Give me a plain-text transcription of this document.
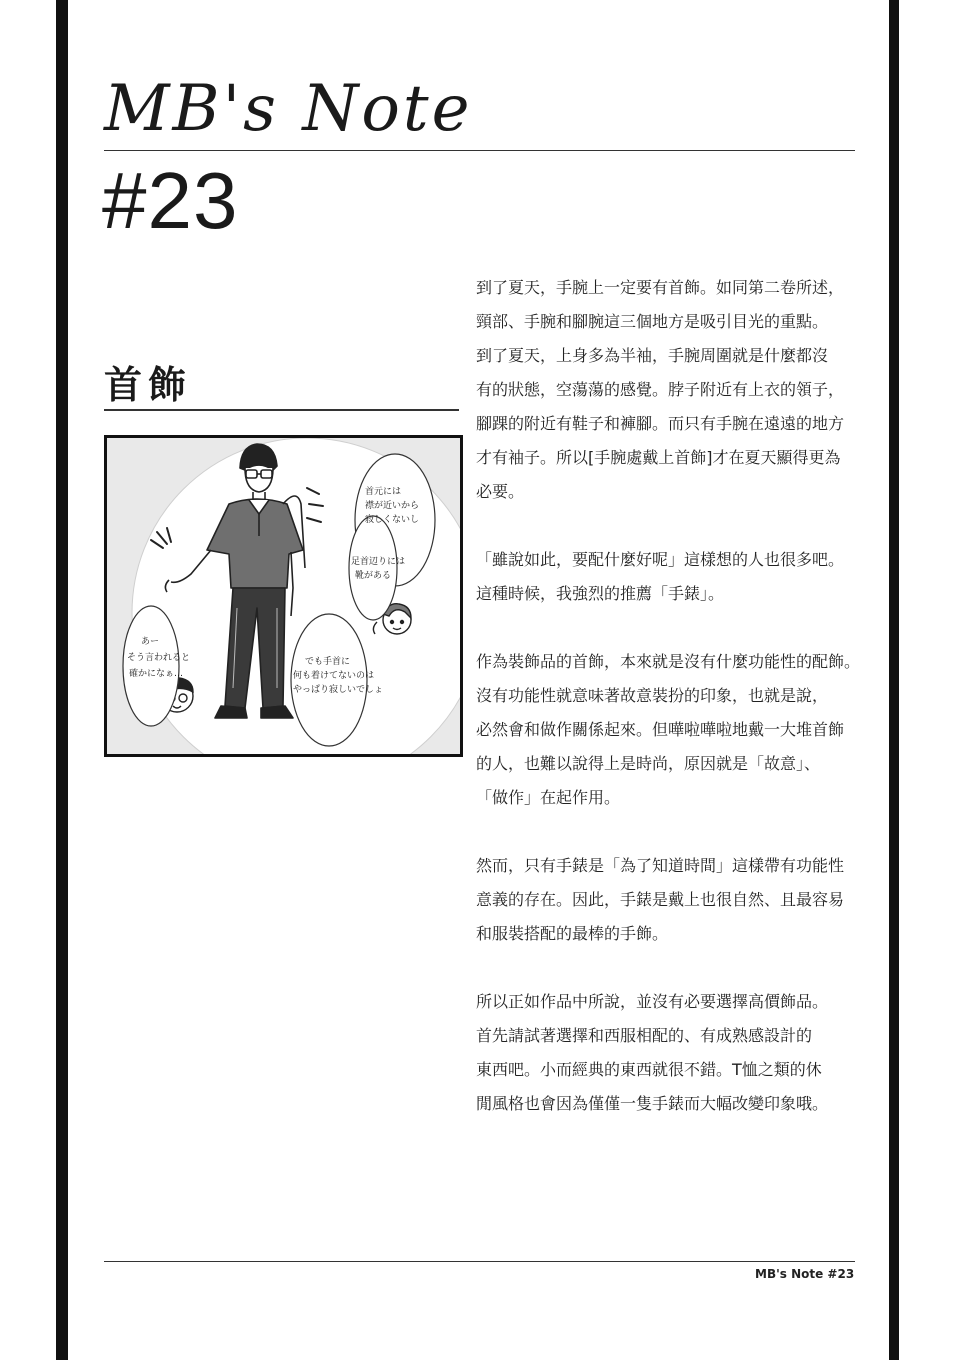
MB's Note
#23
首飾
首元には
襟が近いから
寂しくないし
足首辺りには
靴がある
でも手首に
何も着けてないのは
やっぱり寂しいでしょ
あー
そう言われると
確かになぁ…

到了夏天，手腕上一定要有首飾。如同第二卷所述，
頸部、手腕和腳腕這三個地方是吸引目光的重點。
到了夏天，上身多為半袖，手腕周圍就是什麼都沒
有的狀態，空蕩蕩的感覺。脖子附近有上衣的領子，
腳踝的附近有鞋子和褲腳。而只有手腕在遠遠的地方
才有袖子。所以[手腕處戴上首飾]才在夏天顯得更為
必要。

「雖說如此，要配什麼好呢」這樣想的人也很多吧。
這種時候，我強烈的推薦「手錶」。

作為裝飾品的首飾，本來就是沒有什麼功能性的配飾。
沒有功能性就意味著故意裝扮的印象，也就是說，
必然會和做作關係起來。但嘩啦嘩啦地戴一大堆首飾
的人，也難以說得上是時尚，原因就是「故意」、
「做作」在起作用。

然而，只有手錶是「為了知道時間」這樣帶有功能性
意義的存在。因此，手錶是戴上也很自然、且最容易
和服裝搭配的最棒的手飾。

所以正如作品中所說，並沒有必要選擇高價飾品。
首先請試著選擇和西服相配的、有成熟感設計的
東西吧。小而經典的東西就很不錯。T恤之類的休
閒風格也會因為僅僅一隻手錶而大幅改變印象哦。

MB's Note #23
